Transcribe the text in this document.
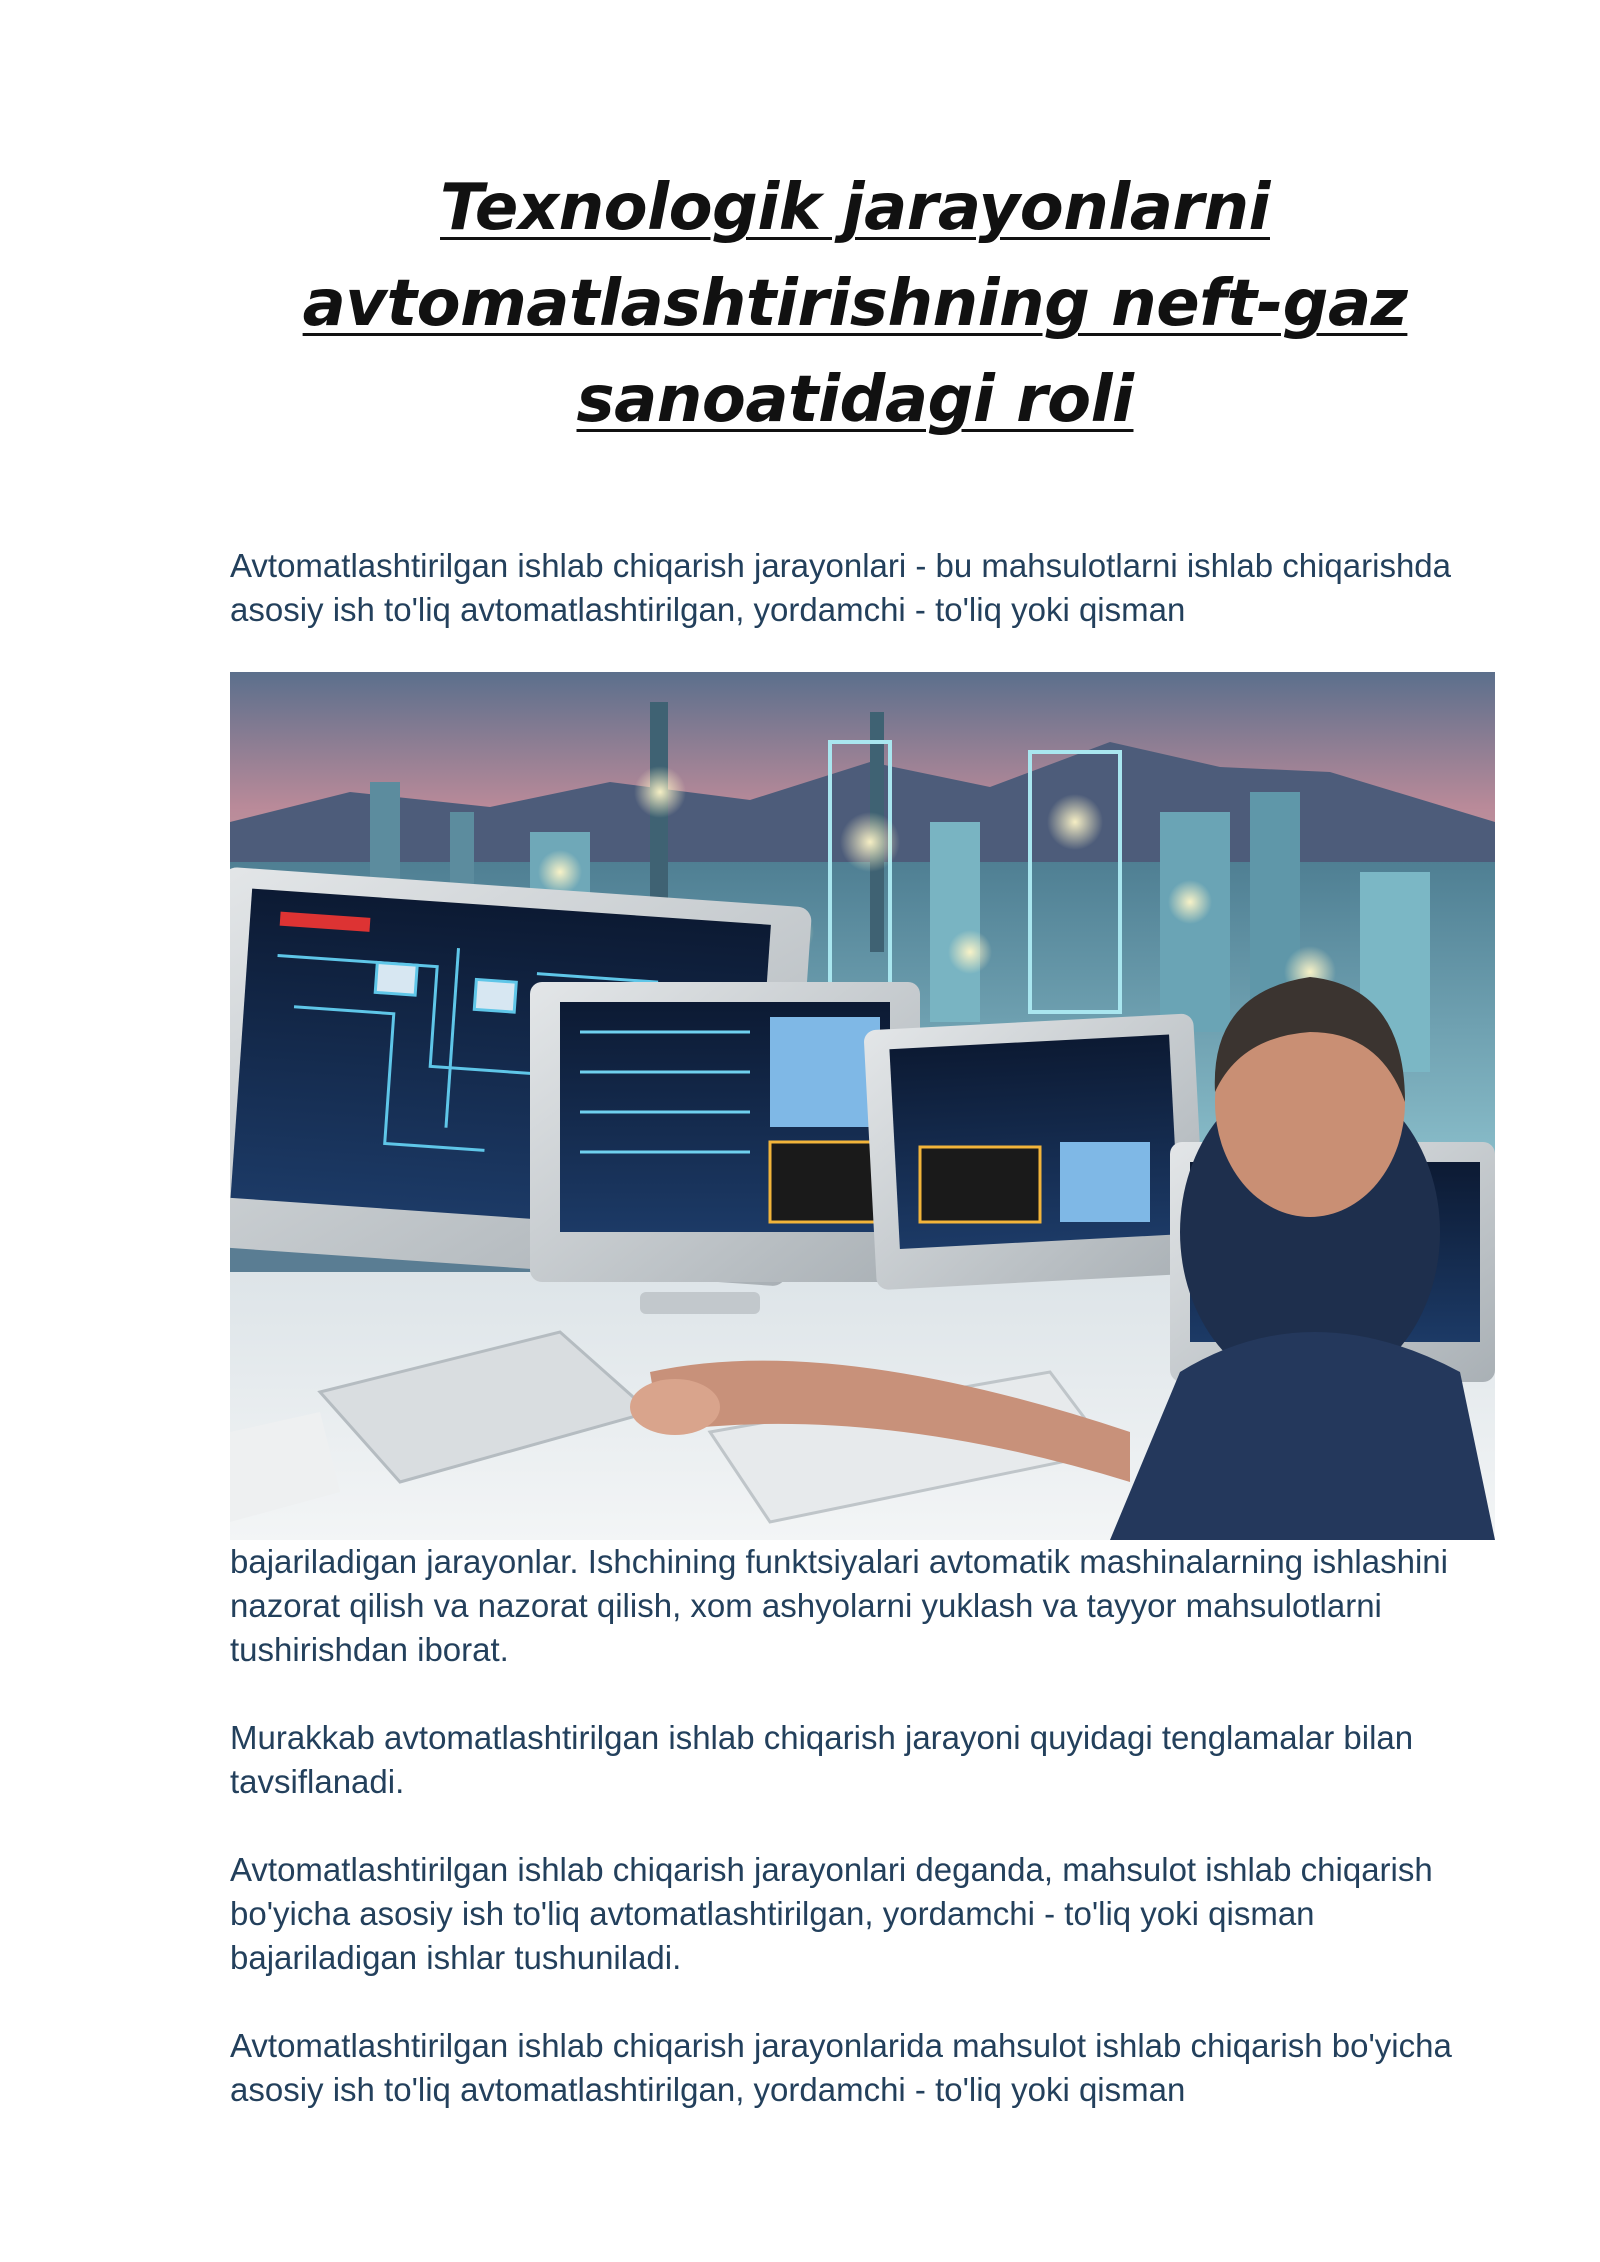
Texnologik jarayonlarni avtomatlashtirishning neft-gaz sanoatidagi roli

Avtomatlashtirilgan ishlab chiqarish jarayonlari - bu mahsulotlarni ishlab chiqarishda asosiy ish to'liq avtomatlashtirilgan, yordamchi - to'liq yoki qisman

bajariladigan jarayonlar. Ishchining funktsiyalari avtomatik mashinalarning ishlashini nazorat qilish va nazorat qilish, xom ashyolarni yuklash va tayyor mahsulotlarni tushirishdan iborat.

Murakkab avtomatlashtirilgan ishlab chiqarish jarayoni quyidagi tenglamalar bilan tavsiflanadi.

Avtomatlashtirilgan ishlab chiqarish jarayonlari deganda, mahsulot ishlab chiqarish bo'yicha asosiy ish to'liq avtomatlashtirilgan, yordamchi - to'liq yoki qisman bajariladigan ishlar tushuniladi.

Avtomatlashtirilgan ishlab chiqarish jarayonlarida mahsulot ishlab chiqarish bo'yicha asosiy ish to'liq avtomatlashtirilgan, yordamchi - to'liq yoki qisman
